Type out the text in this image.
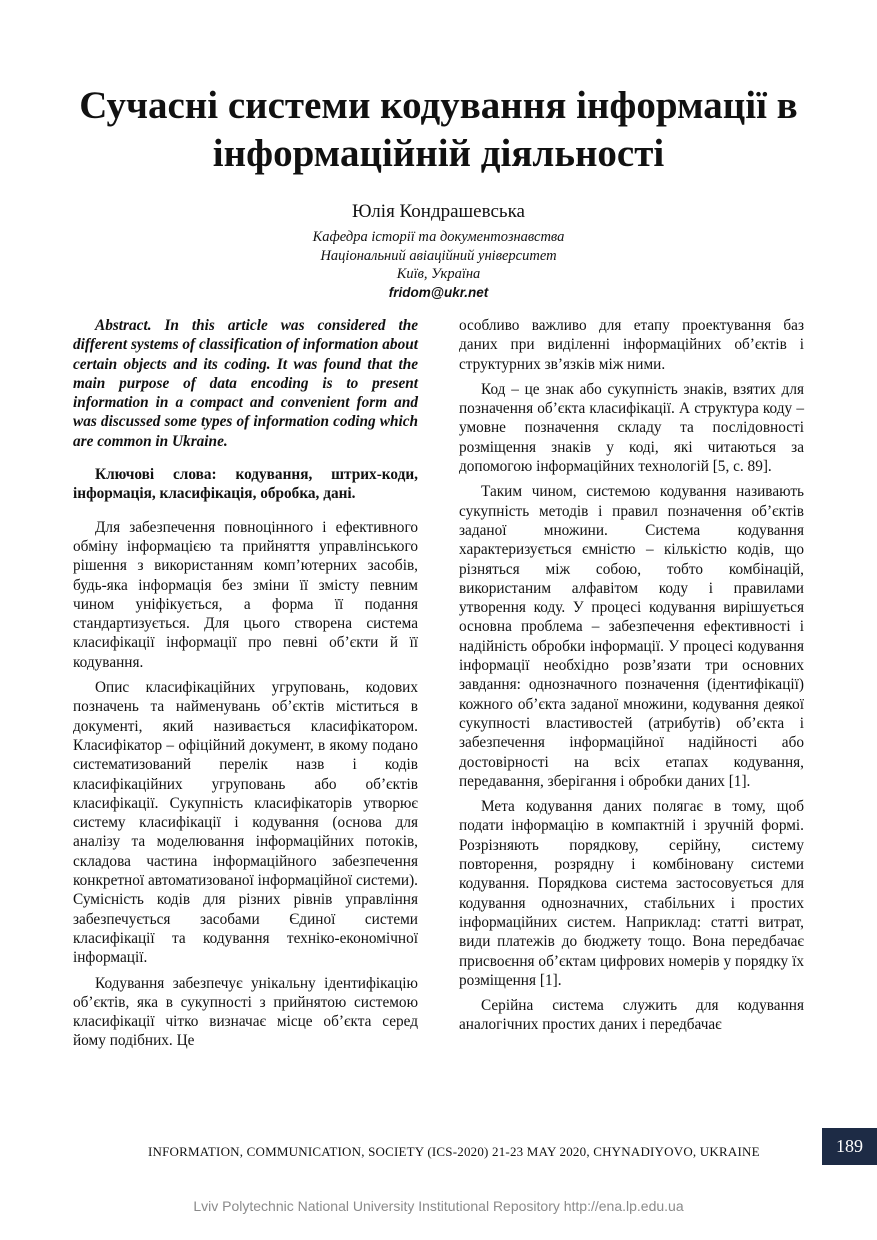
Сучасні системи кодування інформації в
інформаційній діяльності
Юлія Кондрашевська
Кафедра історії та документознавства
Національний авіаційний університет
Київ, Україна
fridom@ukr.net

Abstract. In this article was considered the different systems of classification of information about certain objects and its coding. It was found that the main purpose of data encoding is to present information in a compact and convenient form and was discussed some types of information coding which are common in Ukraine.

Ключові слова: кодування, штрих-коди, інформація, класифікація, обробка, дані.

Для забезпечення повноцінного і ефективного обміну інформацією та прийняття управлінського рішення з використанням комп’ютерних засобів, будь-яка інформація без зміни її змісту певним чином уніфікується, а форма її подання стандартизується. Для цього створена система класифікації інформації про певні об’єкти й її кодування.

Опис класифікаційних угруповань, кодових позначень та найменувань об’єктів міститься в документі, який називається класифікатором. Класифікатор – офіційний документ, в якому подано систематизований перелік назв і кодів класифікаційних угруповань або об’єктів класифікації. Сукупність класифікаторів утворює систему класифікації і кодування (основа для аналізу та моделювання інформаційних потоків, складова частина інформаційного забезпечення конкретної автоматизованої інформаційної системи). Сумісність кодів для різних рівнів управління забезпечується засобами Єдиної системи класифікації та кодування техніко-економічної інформації.

Кодування забезпечує унікальну ідентифікацію об’єктів, яка в сукупності з прийнятою системою класифікації чітко визначає місце об’єкта серед йому подібних. Це

особливо важливо для етапу проектування баз даних при виділенні інформаційних об’єктів і структурних зв’язків між ними.

Код – це знак або сукупність знаків, взятих для позначення об’єкта класифікації. А структура коду – умовне позначення складу та послідовності розміщення знаків у коді, які читаються за допомогою інформаційних технологій [5, с. 89].

Таким чином, системою кодування називають сукупність методів і правил позначення об’єктів заданої множини. Система кодування характеризується ємністю – кількістю кодів, що різняться між собою, тобто комбінацій, використаним алфавітом коду і правилами утворення коду. У процесі кодування вирішується основна проблема – забезпечення ефективності і надійність обробки інформації. У процесі кодування інформації необхідно розв’язати три основних завдання: однозначного позначення (ідентифікації) кожного об’єкта заданої множини, кодування деякої сукупності властивостей (атрибутів) об’єкта і забезпечення інформаційної надійності або достовірності на всіх етапах кодування, передавання, зберігання і обробки даних [1].

Мета кодування даних полягає в тому, щоб подати інформацію в компактній і зручній формі. Розрізняють порядкову, серійну, систему повторення, розрядну і комбіновану системи кодування. Порядкова система застосовується для кодування однозначних, стабільних і простих інформаційних систем. Наприклад: статті витрат, види платежів до бюджету тощо. Вона передбачає присвоєння об’єктам цифрових номерів у порядку їх розміщення [1].

Серійна система служить для кодування аналогічних простих даних і передбачає

INFORMATION, COMMUNICATION, SOCIETY (ICS-2020) 21-23 MAY 2020, CHYNADIYOVO, UKRAINE	189
Lviv Polytechnic National University Institutional Repository http://ena.lp.edu.ua
